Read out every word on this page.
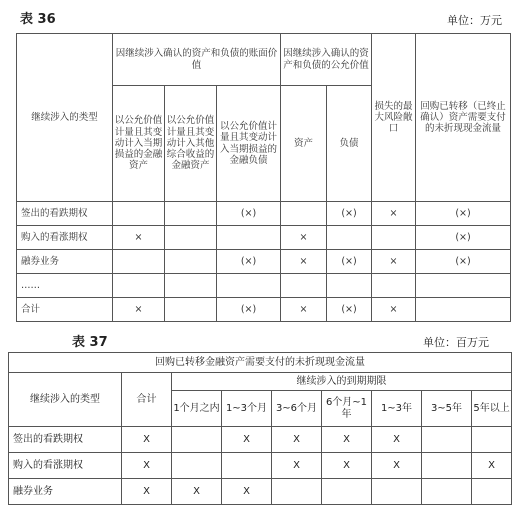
表 36	单位：万元
继续涉入的类型	因继续涉入确认的资产和负债的账面价值			因继续涉入确认的资产和负债的公允价值		损失的最大风险敞口	回购已转移（已终止确认）资产需要支付的未折现现金流量
	以公允价值计量且其变动计入当期损益的金融资产	以公允价值计量且其变动计入其他综合收益的金融资产	以公允价值计量且其变动计入当期损益的金融负债	资产	负债		
签出的看跌期权			(×)		(×)	×	(×)
购入的看涨期权	×			×			(×)
融券业务			(×)	×	(×)	×	(×)
……							
合计	×		(×)	×	(×)	×	
表 37	单位：百万元
回购已转移金融资产需要支付的未折现现金流量								
继续涉入的类型	合计	继续涉入的到期期限						
		1个月之内	1~3个月	3~6个月	6个月~1年	1~3年	3~5年	5年以上
签出的看跌期权	X		X	X	X	X		
购入的看涨期权	X			X	X	X		X
融券业务	X	X	X					
